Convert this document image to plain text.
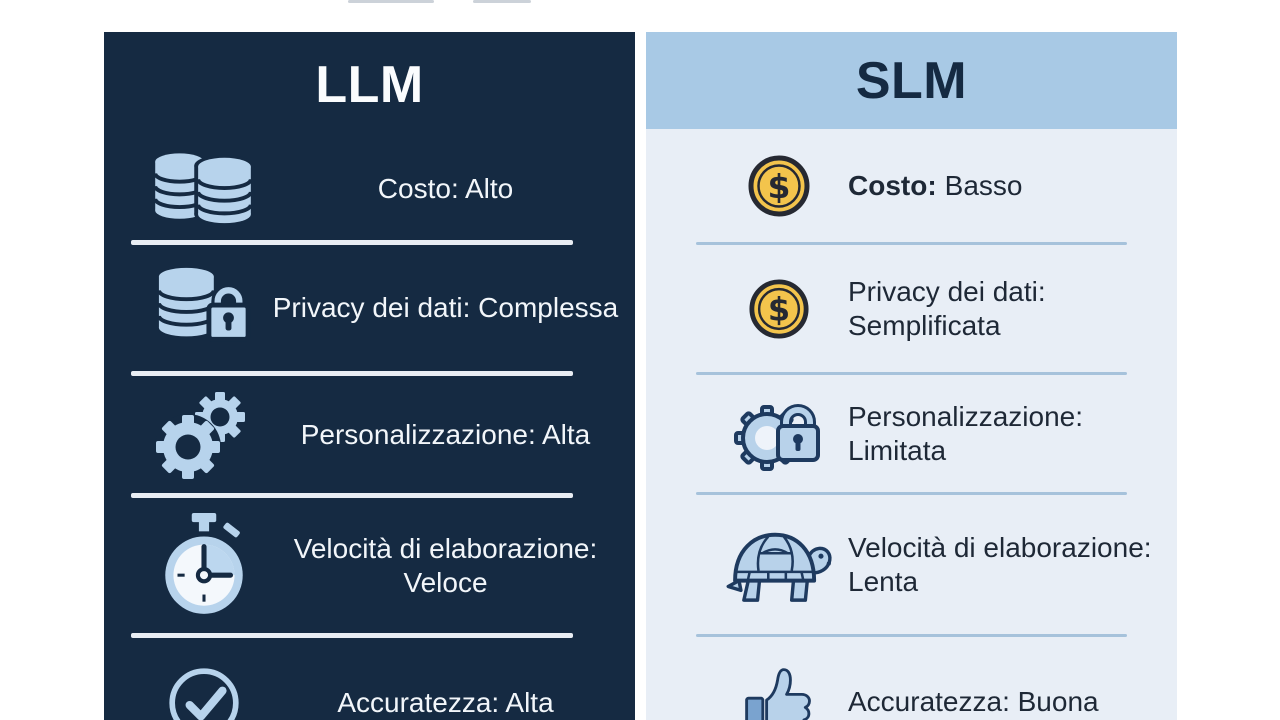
LLM
Costo: Alto
Privacy dei dati: Complessa
Personalizzazione: Alta
Velocità di elaborazione:
Veloce
Accuratezza: Alta
SLM
$ Costo: Basso
$ Privacy dei dati:
Semplificata
Personalizzazione: Limitata
Velocità di elaborazione:
Lenta
Accuratezza: Buona
